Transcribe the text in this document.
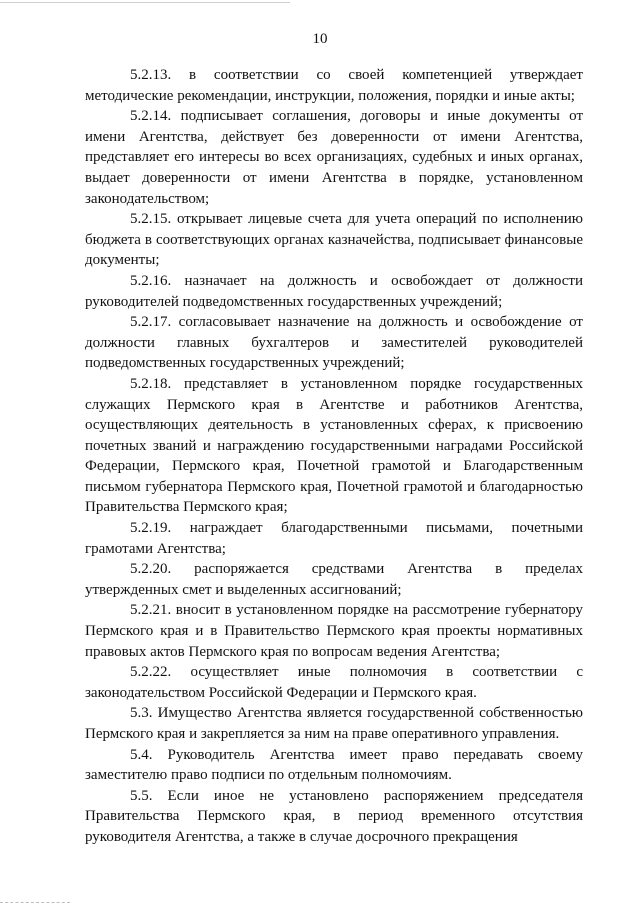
10

5.2.13. в соответствии со своей компетенцией утверждает методические рекомендации, инструкции, положения, порядки и иные акты;

5.2.14. подписывает соглашения, договоры и иные документы от имени Агентства, действует без доверенности от имени Агентства, представляет его интересы во всех организациях, судебных и иных органах, выдает доверенности от имени Агентства в порядке, установленном законодательством;

5.2.15. открывает лицевые счета для учета операций по исполнению бюджета в соответствующих органах казначейства, подписывает финансовые документы;

5.2.16. назначает на должность и освобождает от должности руководителей подведомственных государственных учреждений;

5.2.17. согласовывает назначение на должность и освобождение от должности главных бухгалтеров и заместителей руководителей подведомственных государственных учреждений;

5.2.18. представляет в установленном порядке государственных служащих Пермского края в Агентстве и работников Агентства, осуществляющих деятельность в установленных сферах, к присвоению почетных званий и награждению государственными наградами Российской Федерации, Пермского края, Почетной грамотой и Благодарственным письмом губернатора Пермского края, Почетной грамотой и благодарностью Правительства Пермского края;

5.2.19. награждает благодарственными письмами, почетными грамотами Агентства;

5.2.20. распоряжается средствами Агентства в пределах утвержденных смет и выделенных ассигнований;

5.2.21. вносит в установленном порядке на рассмотрение губернатору Пермского края и в Правительство Пермского края проекты нормативных правовых актов Пермского края по вопросам ведения Агентства;

5.2.22. осуществляет иные полномочия в соответствии с законодательством Российской Федерации и Пермского края.

5.3. Имущество Агентства является государственной собственностью Пермского края и закрепляется за ним на праве оперативного управления.

5.4. Руководитель Агентства имеет право передавать своему заместителю право подписи по отдельным полномочиям.

5.5. Если иное не установлено распоряжением председателя Правительства Пермского края, в период временного отсутствия руководителя Агентства, а также в случае досрочного прекращения
